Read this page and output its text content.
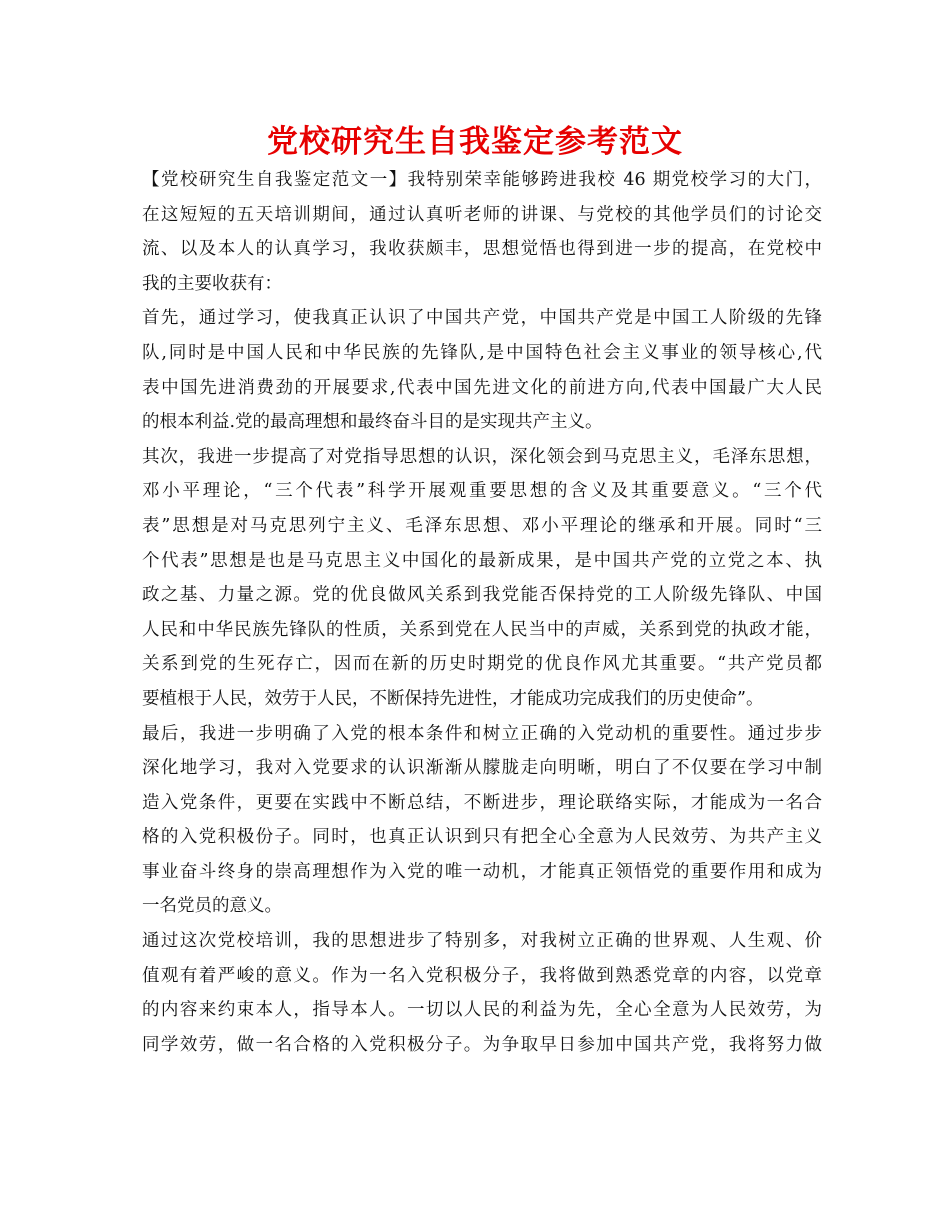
党校研究生自我鉴定参考范文
【党校研究生自我鉴定范文一】我特别荣幸能够跨进我校 46 期党校学习的大门，
在这短短的五天培训期间，通过认真听老师的讲课、与党校的其他学员们的讨论交
流、以及本人的认真学习，我收获颇丰，思想觉悟也得到进一步的提高，在党校中
我的主要收获有：
首先，通过学习，使我真正认识了中国共产党，中国共产党是中国工人阶级的先锋
队,同时是中国人民和中华民族的先锋队,是中国特色社会主义事业的领导核心,代
表中国先进消费劲的开展要求,代表中国先进文化的前进方向,代表中国最广大人民
的根本利益.党的最高理想和最终奋斗目的是实现共产主义。
其次，我进一步提高了对党指导思想的认识，深化领会到马克思主义，毛泽东思想，
邓小平理论，“三个代表”科学开展观重要思想的含义及其重要意义。“三个代
表”思想是对马克思列宁主义、毛泽东思想、邓小平理论的继承和开展。同时“三
个代表”思想是也是马克思主义中国化的最新成果，是中国共产党的立党之本、执
政之基、力量之源。党的优良做风关系到我党能否保持党的工人阶级先锋队、中国
人民和中华民族先锋队的性质，关系到党在人民当中的声威，关系到党的执政才能，
关系到党的生死存亡，因而在新的历史时期党的优良作风尤其重要。“共产党员都
要植根于人民，效劳于人民，不断保持先进性，才能成功完成我们的历史使命”。
最后，我进一步明确了入党的根本条件和树立正确的入党动机的重要性。通过步步
深化地学习，我对入党要求的认识渐渐从朦胧走向明晰，明白了不仅要在学习中制
造入党条件，更要在实践中不断总结，不断进步，理论联络实际，才能成为一名合
格的入党积极份子。同时，也真正认识到只有把全心全意为人民效劳、为共产主义
事业奋斗终身的崇高理想作为入党的唯一动机，才能真正领悟党的重要作用和成为
一名党员的意义。
通过这次党校培训，我的思想进步了特别多，对我树立正确的世界观、人生观、价
值观有着严峻的意义。作为一名入党积极分子，我将做到熟悉党章的内容，以党章
的内容来约束本人，指导本人。一切以人民的利益为先，全心全意为人民效劳，为
同学效劳，做一名合格的入党积极分子。为争取早日参加中国共产党，我将努力做
